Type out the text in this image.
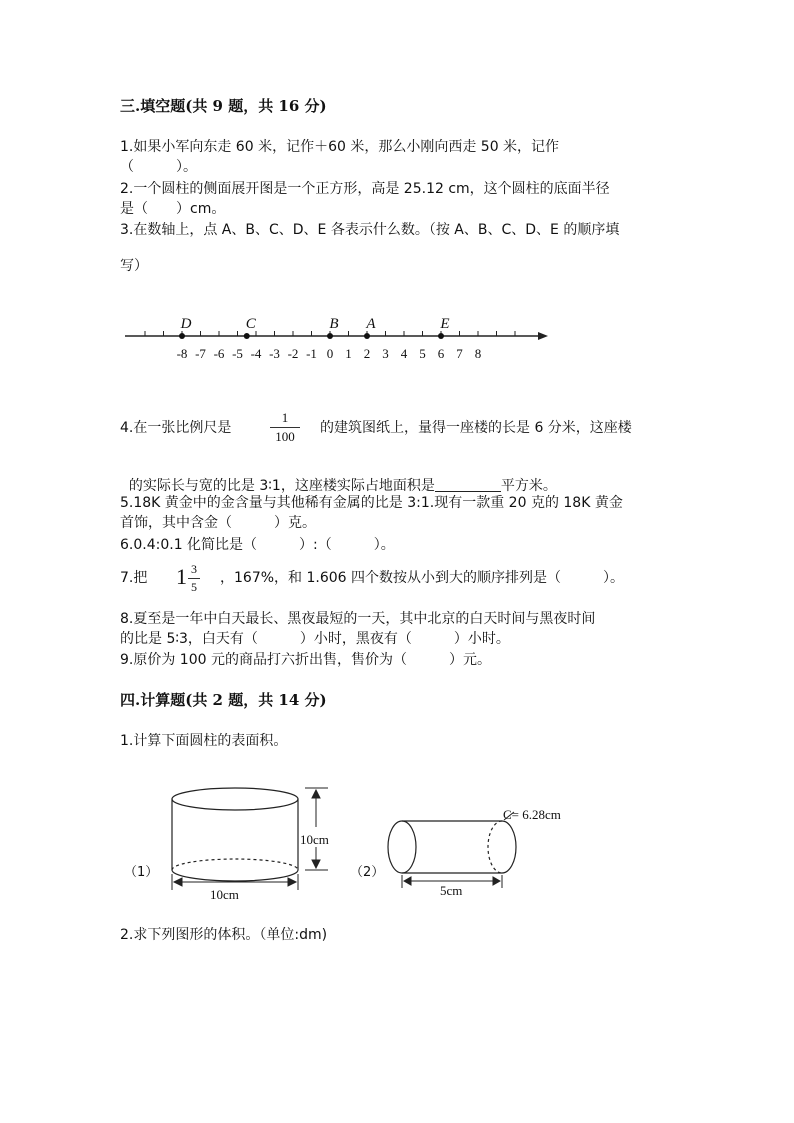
三.填空题(共 9 题，共 16 分)
1.如果小军向东走 60 米，记作＋60 米，那么小刚向西走 50 米，记作
（　　　）。
2.一个圆柱的侧面展开图是一个正方形，高是 25.12 cm，这个圆柱的底面半径
是（　　）cm。
3.在数轴上，点 A、B、C、D、E 各表示什么数。（按 A、B、C、D、E 的顺序填
写）
-8 -7 -6 -5 -4 -3 -2 -1 0 1 2 3 4 5 6 7 8
D	C	B A	E
4.在一张比例尺是
1
100
的建筑图纸上，量得一座楼的长是 6 分米，这座楼

的实际长与宽的比是 3∶1，这座楼实际占地面积是	平方米。

5.18K 黄金中的金含量与其他稀有金属的比是 3:1.现有一款重 20 克的 18K 黄金
首饰，其中含金（　　　）克。
6.0.4:0.1 化简比是（　　　）:（　　　）。
7.把 1 3
5
，167%，和 1.606 四个数按从小到大的顺序排列是（　　　）。
8.夏至是一年中白天最长、黑夜最短的一天，其中北京的白天时间与黑夜时间
的比是 5∶3，白天有（　　　）小时，黑夜有（　　　）小时。
9.原价为 100 元的商品打六折出售，售价为（　　　）元。
四.计算题(共 2 题，共 14 分)
1.计算下面圆柱的表面积。
（1）
10cm
10cm
（2）
C= 6.28cm
5cm
2.求下列图形的体积。（单位:dm)
